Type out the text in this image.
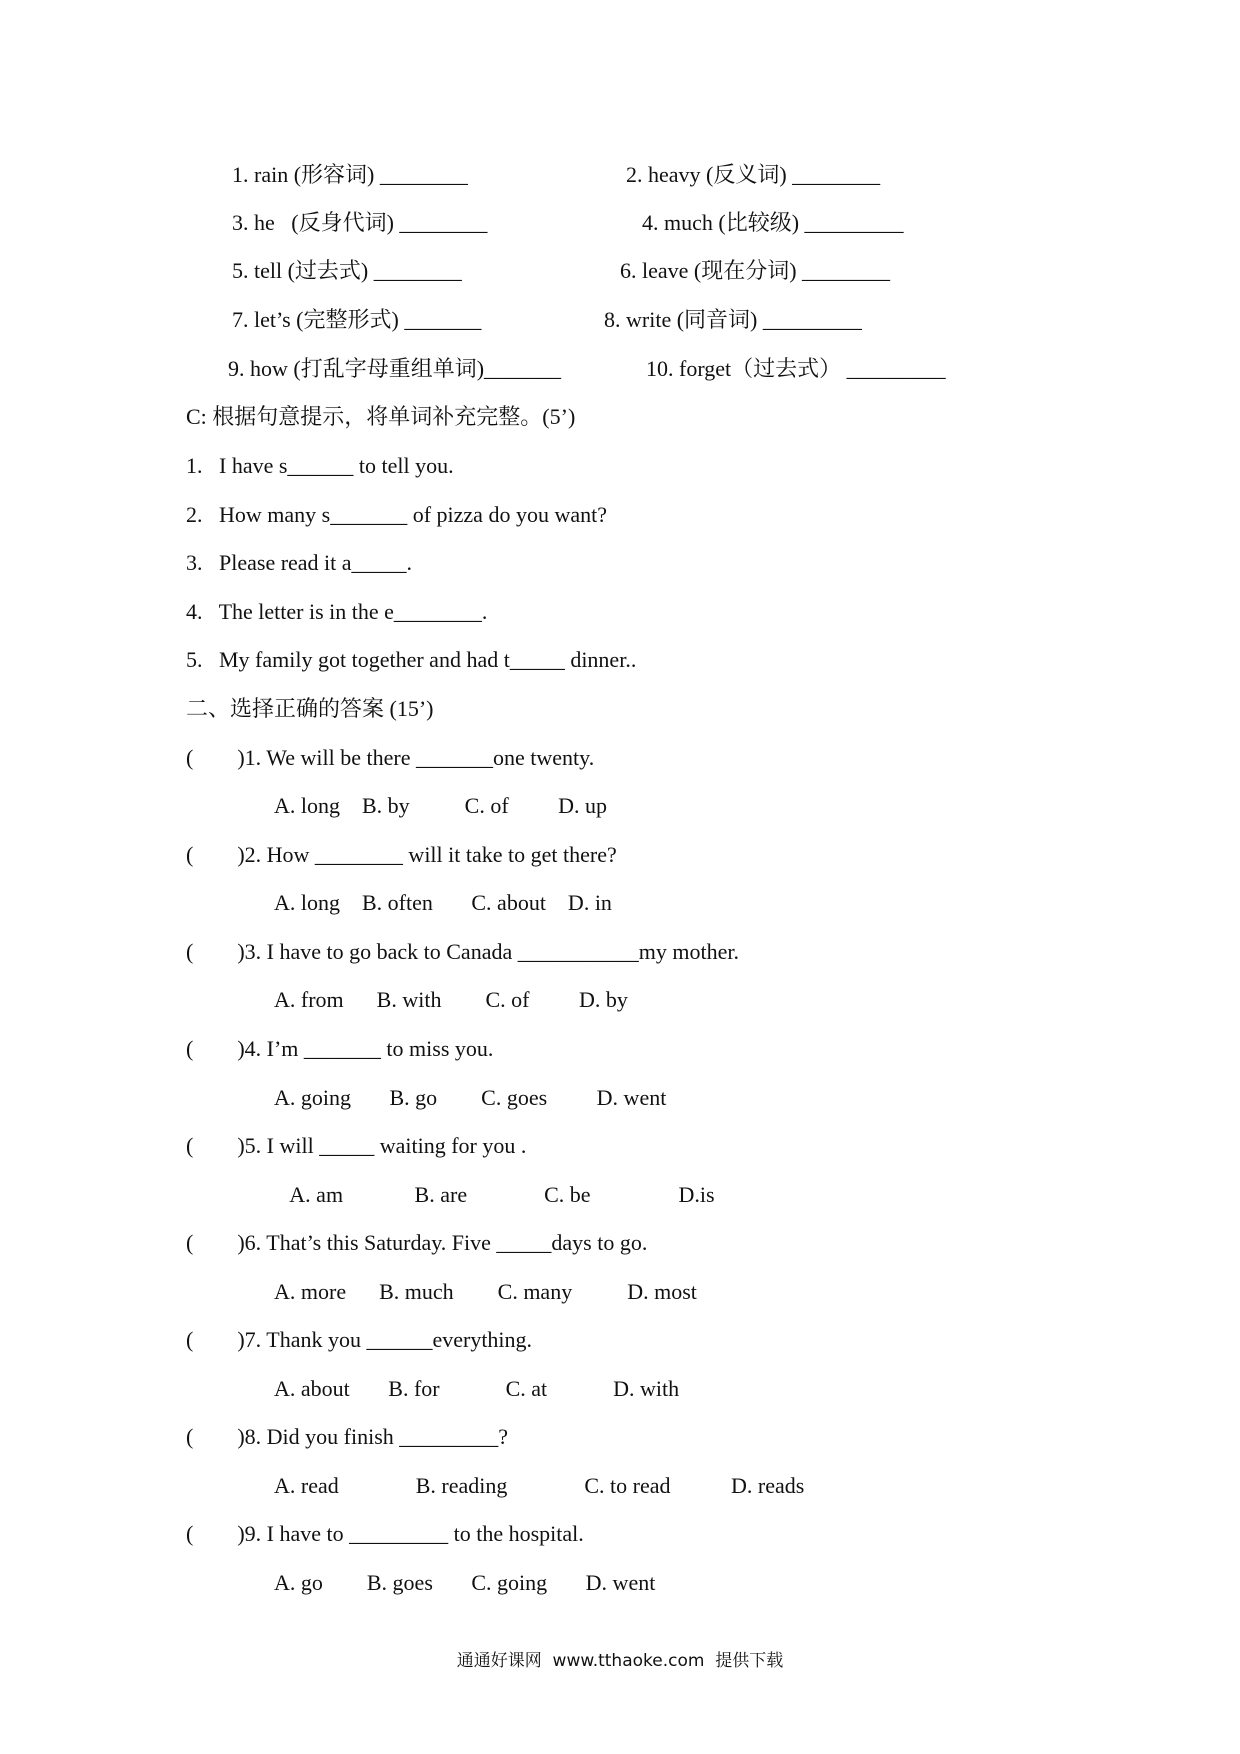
1. rain (形容词) ________	2. heavy (反义词) ________
3. he   (反身代词) ________	4. much (比较级) _________
5. tell (过去式) ________	6. leave (现在分词) ________
7. let’s (完整形式) _______	8. write (同音词) _________
9. how (打乱字母重组单词)_______	10. forget（过去式） _________
C: 根据句意提示，将单词补充完整。(5’)
1.   I have s______ to tell you.
2.   How many s_______ of pizza do you want?
3.   Please read it a_____.
4.   The letter is in the e________.
5.   My family got together and had t_____ dinner..
二、选择正确的答案 (15’)
(        )1. We will be there _______one twenty.
A. long    B. by          C. of         D. up
(        )2. How ________ will it take to get there?
A. long    B. often       C. about    D. in
(        )3. I have to go back to Canada ___________my mother.
A. from      B. with        C. of         D. by
(        )4. I’m _______ to miss you.
A. going       B. go        C. goes         D. went
(        )5. I will _____ waiting for you .
A. am             B. are              C. be                D.is
(        )6. That’s this Saturday. Five _____days to go.
A. more      B. much        C. many          D. most
(        )7. Thank you ______everything.
A. about       B. for            C. at            D. with
(        )8. Did you finish _________?
A. read              B. reading              C. to read           D. reads
(        )9. I have to _________ to the hospital.
A. go        B. goes       C. going       D. went
通通好课网  www.tthaoke.com  提供下载
